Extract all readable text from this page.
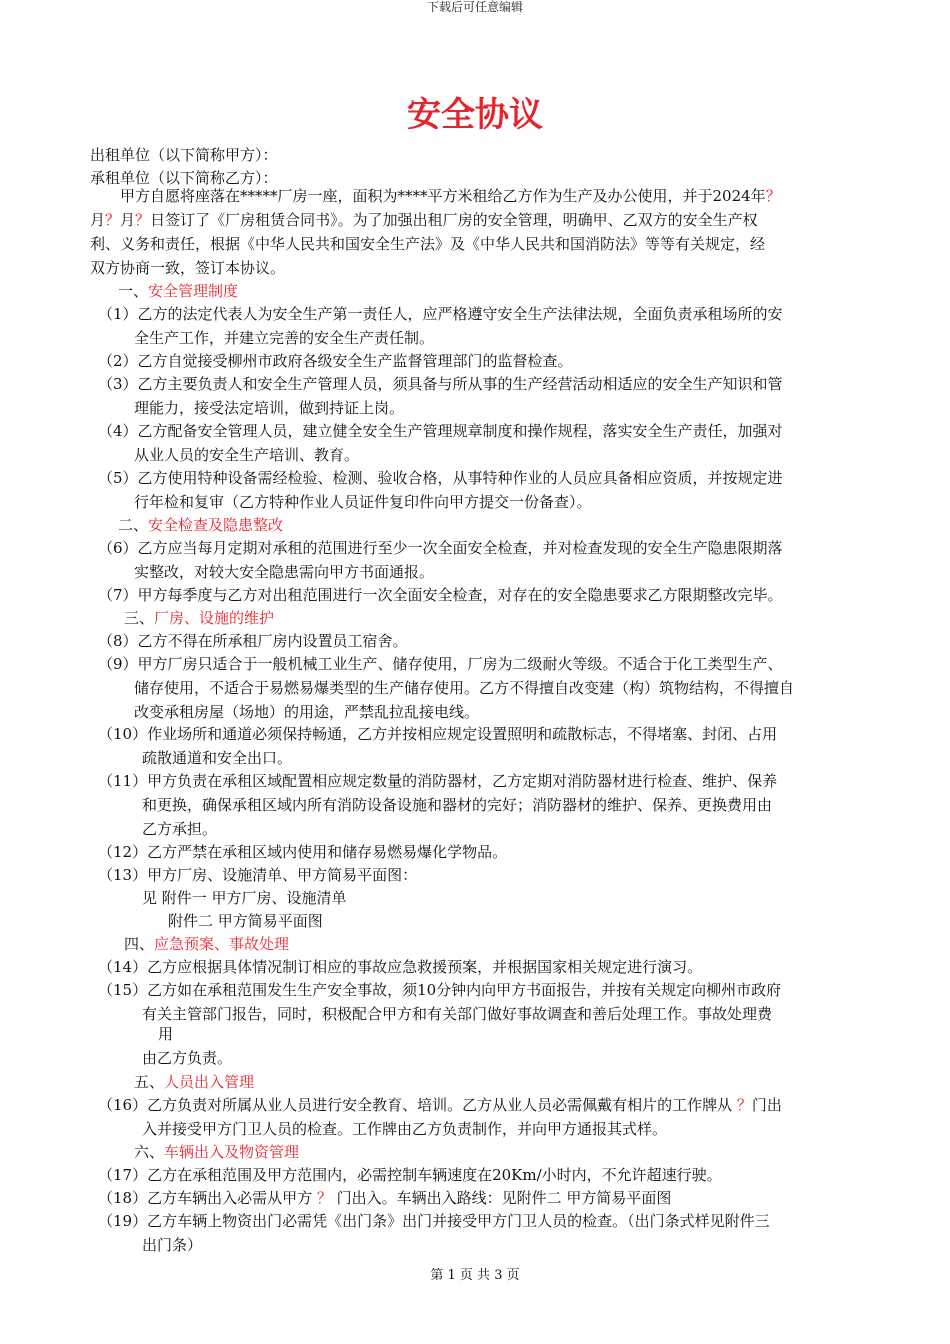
下载后可任意编辑
安全协议
出租单位（以下简称甲方）：
承租单位（以下简称乙方）：
　　甲方自愿将座落在*****厂房一座，面积为****平方米租给乙方作为生产及办公使用，并于2024年？
月？月？日签订了《厂房租赁合同书》。为了加强出租厂房的安全管理，明确甲、乙双方的安全生产权
利、义务和责任，根据《中华人民共和国安全生产法》及《中华人民共和国消防法》等等有关规定，经
双方协商一致，签订本协议。
一、安全管理制度
（1）乙方的法定代表人为安全生产第一责任人，应严格遵守安全生产法律法规，全面负责承租场所的安
全生产工作，并建立完善的安全生产责任制。
（2）乙方自觉接受柳州市政府各级安全生产监督管理部门的监督检查。
（3）乙方主要负责人和安全生产管理人员，须具备与所从事的生产经营活动相适应的安全生产知识和管
理能力，接受法定培训，做到持证上岗。
（4）乙方配备安全管理人员，建立健全安全生产管理规章制度和操作规程，落实安全生产责任，加强对
从业人员的安全生产培训、教育。
（5）乙方使用特种设备需经检验、检测、验收合格，从事特种作业的人员应具备相应资质，并按规定进
行年检和复审（乙方特种作业人员证件复印件向甲方提交一份备查）。
二、安全检查及隐患整改
（6）乙方应当每月定期对承租的范围进行至少一次全面安全检查，并对检查发现的安全生产隐患限期落
实整改，对较大安全隐患需向甲方书面通报。
（7）甲方每季度与乙方对出租范围进行一次全面安全检查，对存在的安全隐患要求乙方限期整改完毕。
三、厂房、设施的维护
（8）乙方不得在所承租厂房内设置员工宿舍。
（9）甲方厂房只适合于一般机械工业生产、储存使用，厂房为二级耐火等级。不适合于化工类型生产、
储存使用，不适合于易燃易爆类型的生产储存使用。乙方不得擅自改变建（构）筑物结构，不得擅自
改变承租房屋（场地）的用途，严禁乱拉乱接电线。
（10）作业场所和通道必须保持畅通，乙方并按相应规定设置照明和疏散标志，不得堵塞、封闭、占用
疏散通道和安全出口。
（11）甲方负责在承租区域配置相应规定数量的消防器材，乙方定期对消防器材进行检查、维护、保养
和更换，确保承租区域内所有消防设备设施和器材的完好；消防器材的维护、保养、更换费用由
乙方承担。
（12）乙方严禁在承租区域内使用和储存易燃易爆化学物品。
（13）甲方厂房、设施清单、甲方简易平面图：
见 附件一 甲方厂房、设施清单
附件二 甲方简易平面图
四、应急预案、事故处理
（14）乙方应根据具体情况制订相应的事故应急救援预案，并根据国家相关规定进行演习。
（15）乙方如在承租范围发生生产安全事故，须10分钟内向甲方书面报告，并按有关规定向柳州市政府
有关主管部门报告，同时，积极配合甲方和有关部门做好事故调查和善后处理工作。事故处理费
用
由乙方负责。
五、人员出入管理
（16）乙方负责对所属从业人员进行安全教育、培训。乙方从业人员必需佩戴有相片的工作牌从 ？门出
入并接受甲方门卫人员的检查。工作牌由乙方负责制作，并向甲方通报其式样。
六、车辆出入及物资管理
（17）乙方在承租范围及甲方范围内，必需控制车辆速度在20Km/小时内，不允许超速行驶。
（18）乙方车辆出入必需从甲方 ？ 门出入。车辆出入路线：见附件二 甲方简易平面图
（19）乙方车辆上物资出门必需凭《出门条》出门并接受甲方门卫人员的检查。（出门条式样见附件三
出门条）
第 1 页 共 3 页
